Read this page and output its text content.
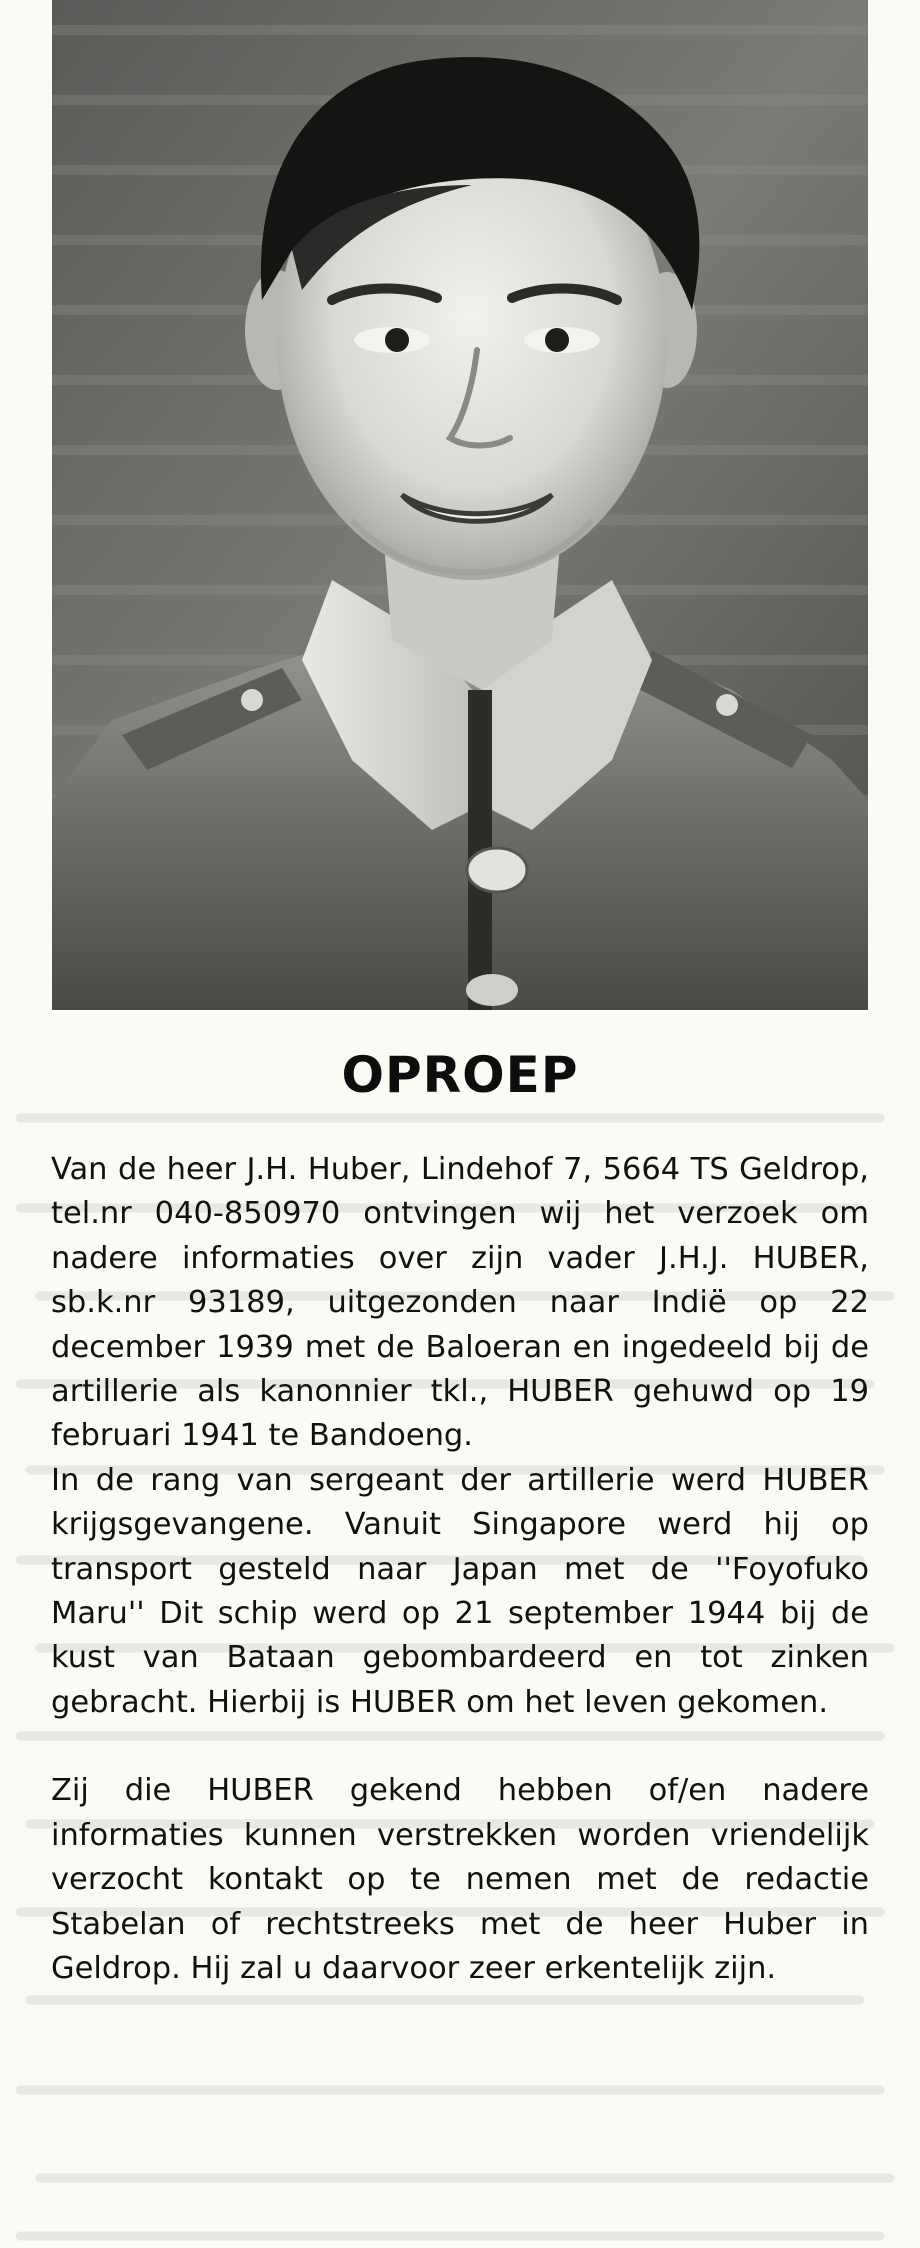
OPROEP

Van de heer J.H. Huber, Lindehof 7, 5664 TS Geldrop, tel.nr 040-850970 ontvingen wij het verzoek om nadere informaties over zijn vader J.H.J. HUBER, sb.k.nr 93189, uitgezonden naar Indië op 22 december 1939 met de Baloeran en ingedeeld bij de artillerie als kanonnier tkl., HUBER gehuwd op 19 februari 1941 te Bandoeng.

In de rang van sergeant der artillerie werd HUBER krijgsgevangene. Vanuit Singapore werd hij op transport gesteld naar Japan met de ''Foyofuko Maru'' Dit schip werd op 21 september 1944 bij de kust van Bataan gebombardeerd en tot zinken gebracht. Hierbij is HUBER om het leven gekomen.

Zij die HUBER gekend hebben of/en nadere informaties kunnen verstrekken worden vriendelijk verzocht kontakt op te nemen met de redactie Stabelan of rechtstreeks met de heer Huber in Geldrop. Hij zal u daarvoor zeer erkentelijk zijn.
